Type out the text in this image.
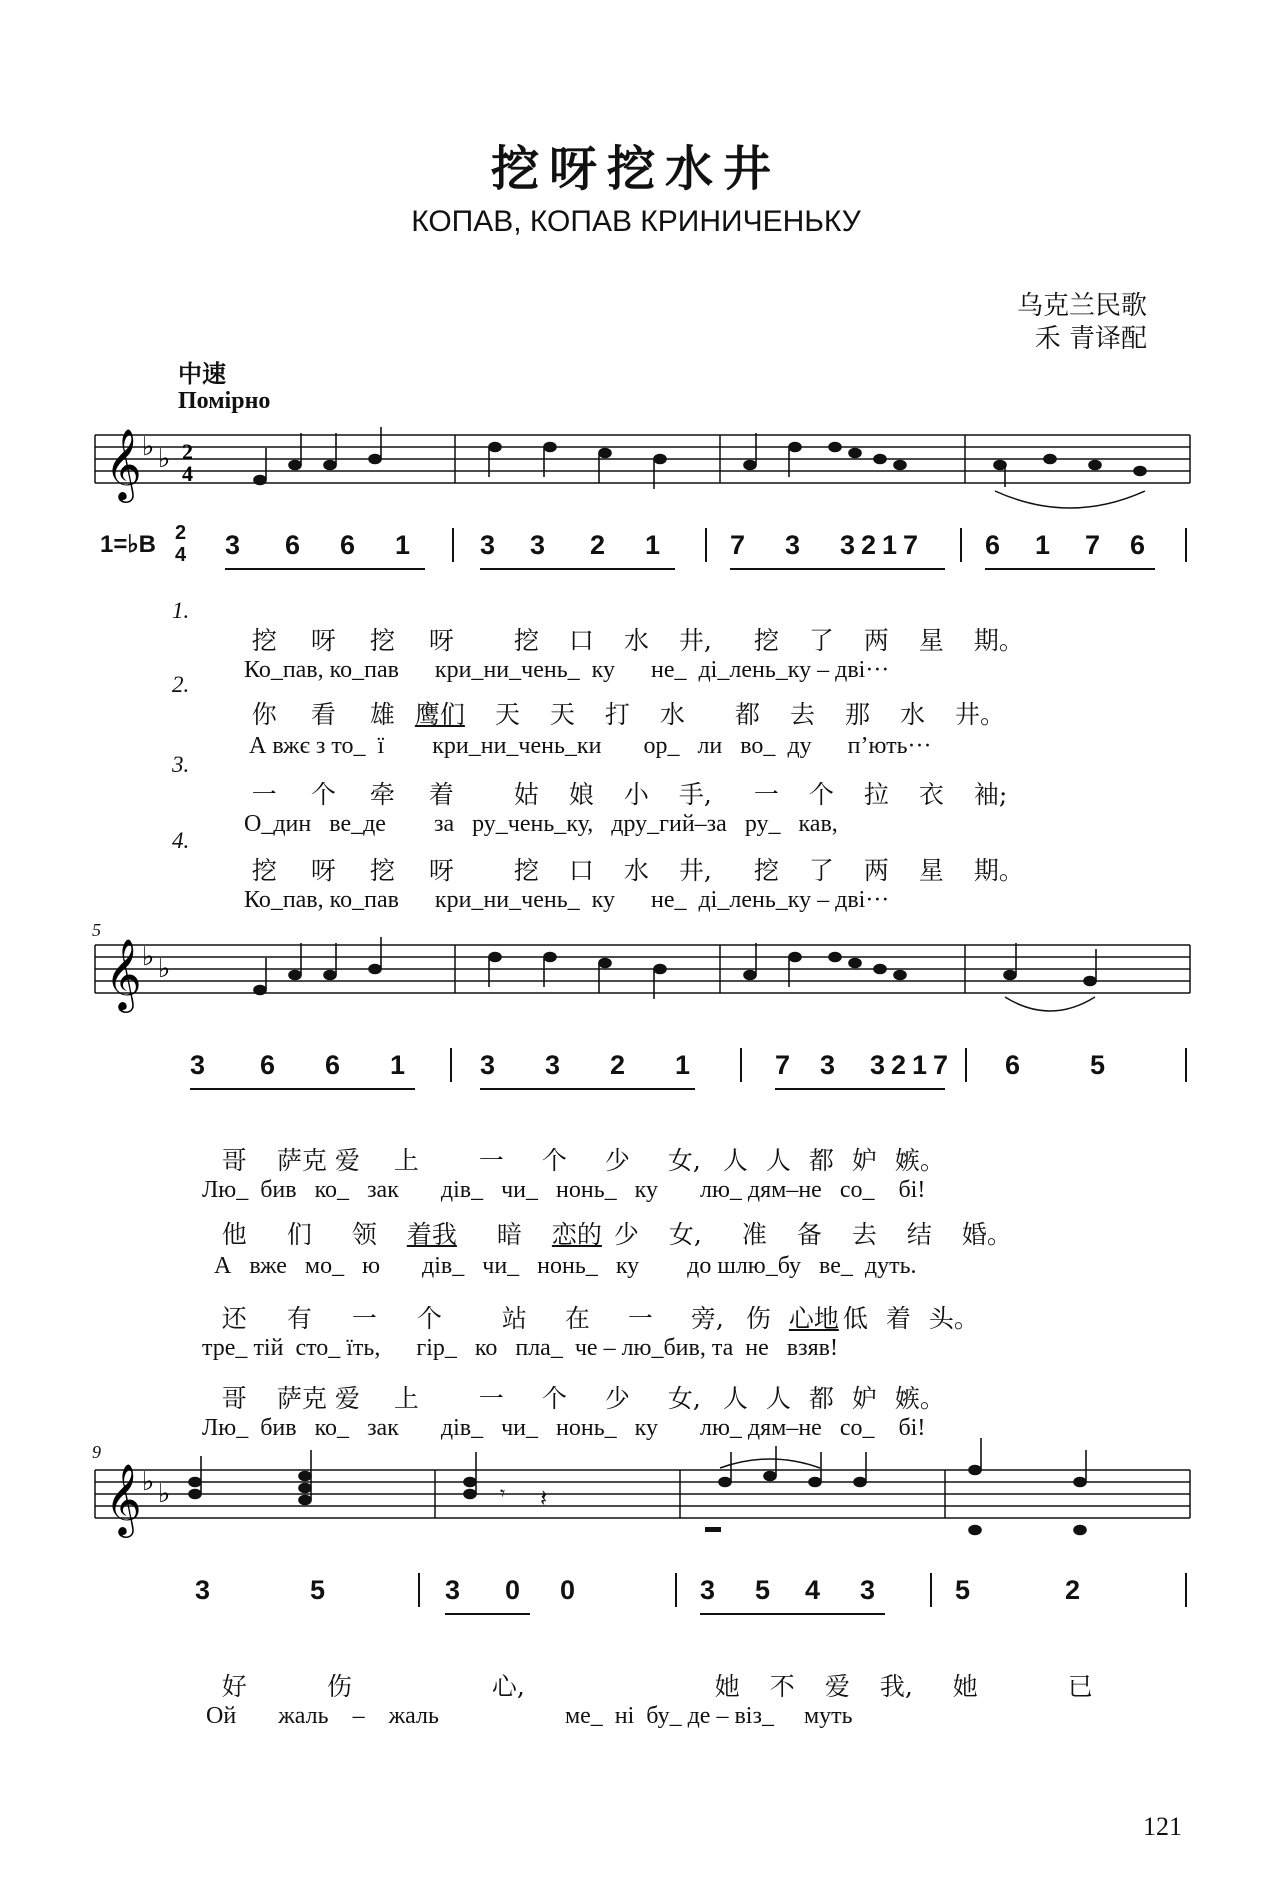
挖呀挖水井
КОПАВ, КОПАВ КРИНИЧЕНЬКУ
乌克兰民歌
禾 青译配
中速
Помірно
𝄞 ♭ ♭ 2
4
1=♭B 2
4 3 6 6 1	3 3 2 1	7 3 3217 6 1 7 6
1.

挖 呀 挖 呀 挖 口 水 井, 挖 了 两 星 期。

Ко_пав, ко_пав кри_ни_чень_ ку не_ ді_лень_ку – дві···

2.

你 看 雄 鹰们 天 天 打 水 都 去 那 水 井。

А вжє з то_ ї кри_ни_чень_ки ор_ ли во_ ду п’ють···

3.

一 个 牵 着 姑 娘 小 手, 一 个 拉 衣 袖;

О_дин ве_де за ру_чень_ку, дру_гий–за ру_ кав,

4.

挖 呀 挖 呀 挖 口 水 井, 挖 了 两 星 期。

Ко_пав, ко_пав кри_ни_чень_ ку не_ ді_лень_ку – дві···

5
𝄞 ♭ ♭
3 6 6 1	3 3 2 1	7 3 3217 6	5

哥 萨克 爱 上 一 个 少 女, 人 人 都 妒 嫉。

Лю_ бив ко_ зак дів_ чи_ нонь_ ку лю_ дям–не со_ бі!

他 们 领 着我 暗 恋的 少 女, 准 备 去 结 婚。

А вже мо_ ю дів_ чи_ нонь_ ку до шлю_бу ве_ дуть.

还 有 一 个 站 在 一 旁, 伤 心地 低 着 头。

тре_ тій сто_ їть, гір_ ко пла_ че – лю_бив, та не взяв!

哥 萨克 爱 上 一 个 少 女, 人 人 都 妒 嫉。

Лю_ бив ко_ зак дів_ чи_ нонь_ ку лю_ дям–не со_ бі!

9
𝄞 ♭ ♭	𝄾 𝄽
3	5	3 0 0	3 5 4 3	5	2

好	伤	心,	她 不 爱 我, 她	已

Ой жаль – жаль	ме_ ні бу_ де – вiз_ муть

121
